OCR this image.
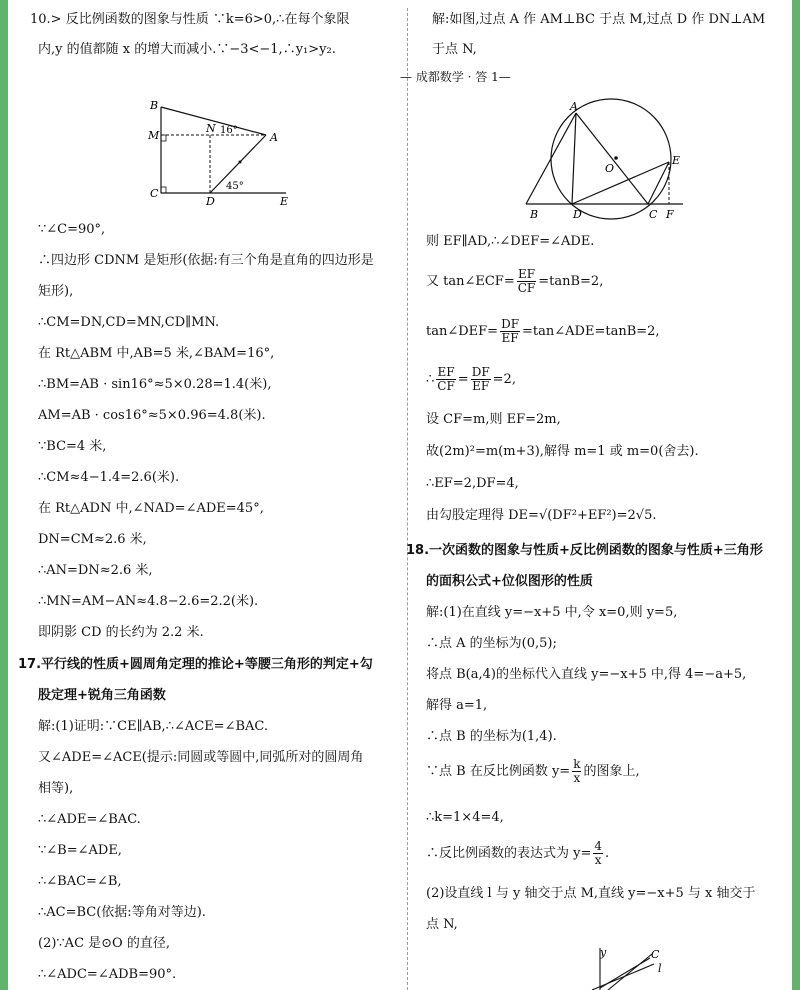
10.> 反比例函数的图象与性质 ∵k=6>0,∴在每个象限
内,y 的值都随 x 的增大而减小.∵−3<−1,∴y₁>y₂.
∵∠C=90°,
∴四边形 CDNM 是矩形(依据:有三个角是直角的四边形是
矩形),
∴CM=DN,CD=MN,CD∥MN.
在 Rt△ABM 中,AB=5 米,∠BAM=16°,
∴BM=AB · sin16°≈5×0.28=1.4(米),
AM=AB · cos16°≈5×0.96=4.8(米).
∵BC=4 米,
∴CM≈4−1.4=2.6(米).
在 Rt△ADN 中,∠NAD=∠ADE=45°,
DN=CM≈2.6 米,
∴AN=DN≈2.6 米,
∴MN=AM−AN≈4.8−2.6=2.2(米).
即阴影 CD 的长约为 2.2 米.
17.平行线的性质+圆周角定理的推论+等腰三角形的判定+勾
股定理+锐角三角函数
解:(1)证明:∵CE∥AB,∴∠ACE=∠BAC.
又∠ADE=∠ACE(提示:同圆或等圆中,同弧所对的圆周角
相等),
∴∠ADE=∠BAC.
∵∠B=∠ADE,
∴∠BAC=∠B,
∴AC=BC(依据:等角对等边).
(2)∵AC 是⊙O 的直径,
∴∠ADC=∠ADB=90°.
解:如图,过点 A 作 AM⊥BC 于点 M,过点 D 作 DN⊥AM
于点 N,
则 EF∥AD,∴∠DEF=∠ADE.
设 CF=m,则 EF=2m,
故(2m)²=m(m+3),解得 m=1 或 m=0(舍去).
∴EF=2,DF=4,
18.一次函数的图象与性质+反比例函数的图象与性质+三角形
的面积公式+位似图形的性质
解:(1)在直线 y=−x+5 中,令 x=0,则 y=5,
∴点 A 的坐标为(0,5);
将点 B(a,4)的坐标代入直线 y=−x+5 中,得 4=−a+5,
解得 a=1,
∴点 B 的坐标为(1,4).
∴k=1×4=4,
(2)设直线 l 与 y 轴交于点 M,直线 y=−x+5 与 x 轴交于
点 N,
— 成都数学 · 答 1—
B
M
N
A
C
D	E
16°
45°
A
O
E
B	D	C F
y	C
l
又 tan∠ECF= $\frac{EF}{CF} =\tan B=2$,
tan∠DEF= $\frac{DF}{EF}$ =tan∠ADE=tanB=2,
∴ $\frac{EF}{CF} = \frac{DF}{EF} =2$,
由勾股定理得 DE=√(DF²+EF²)=2√5.
∵点 B 在反比例函数 $y= \frac{k}{x}$ 的图象上,
∴反比例函数的表达式为 $y= \frac{4}{x}$ .
